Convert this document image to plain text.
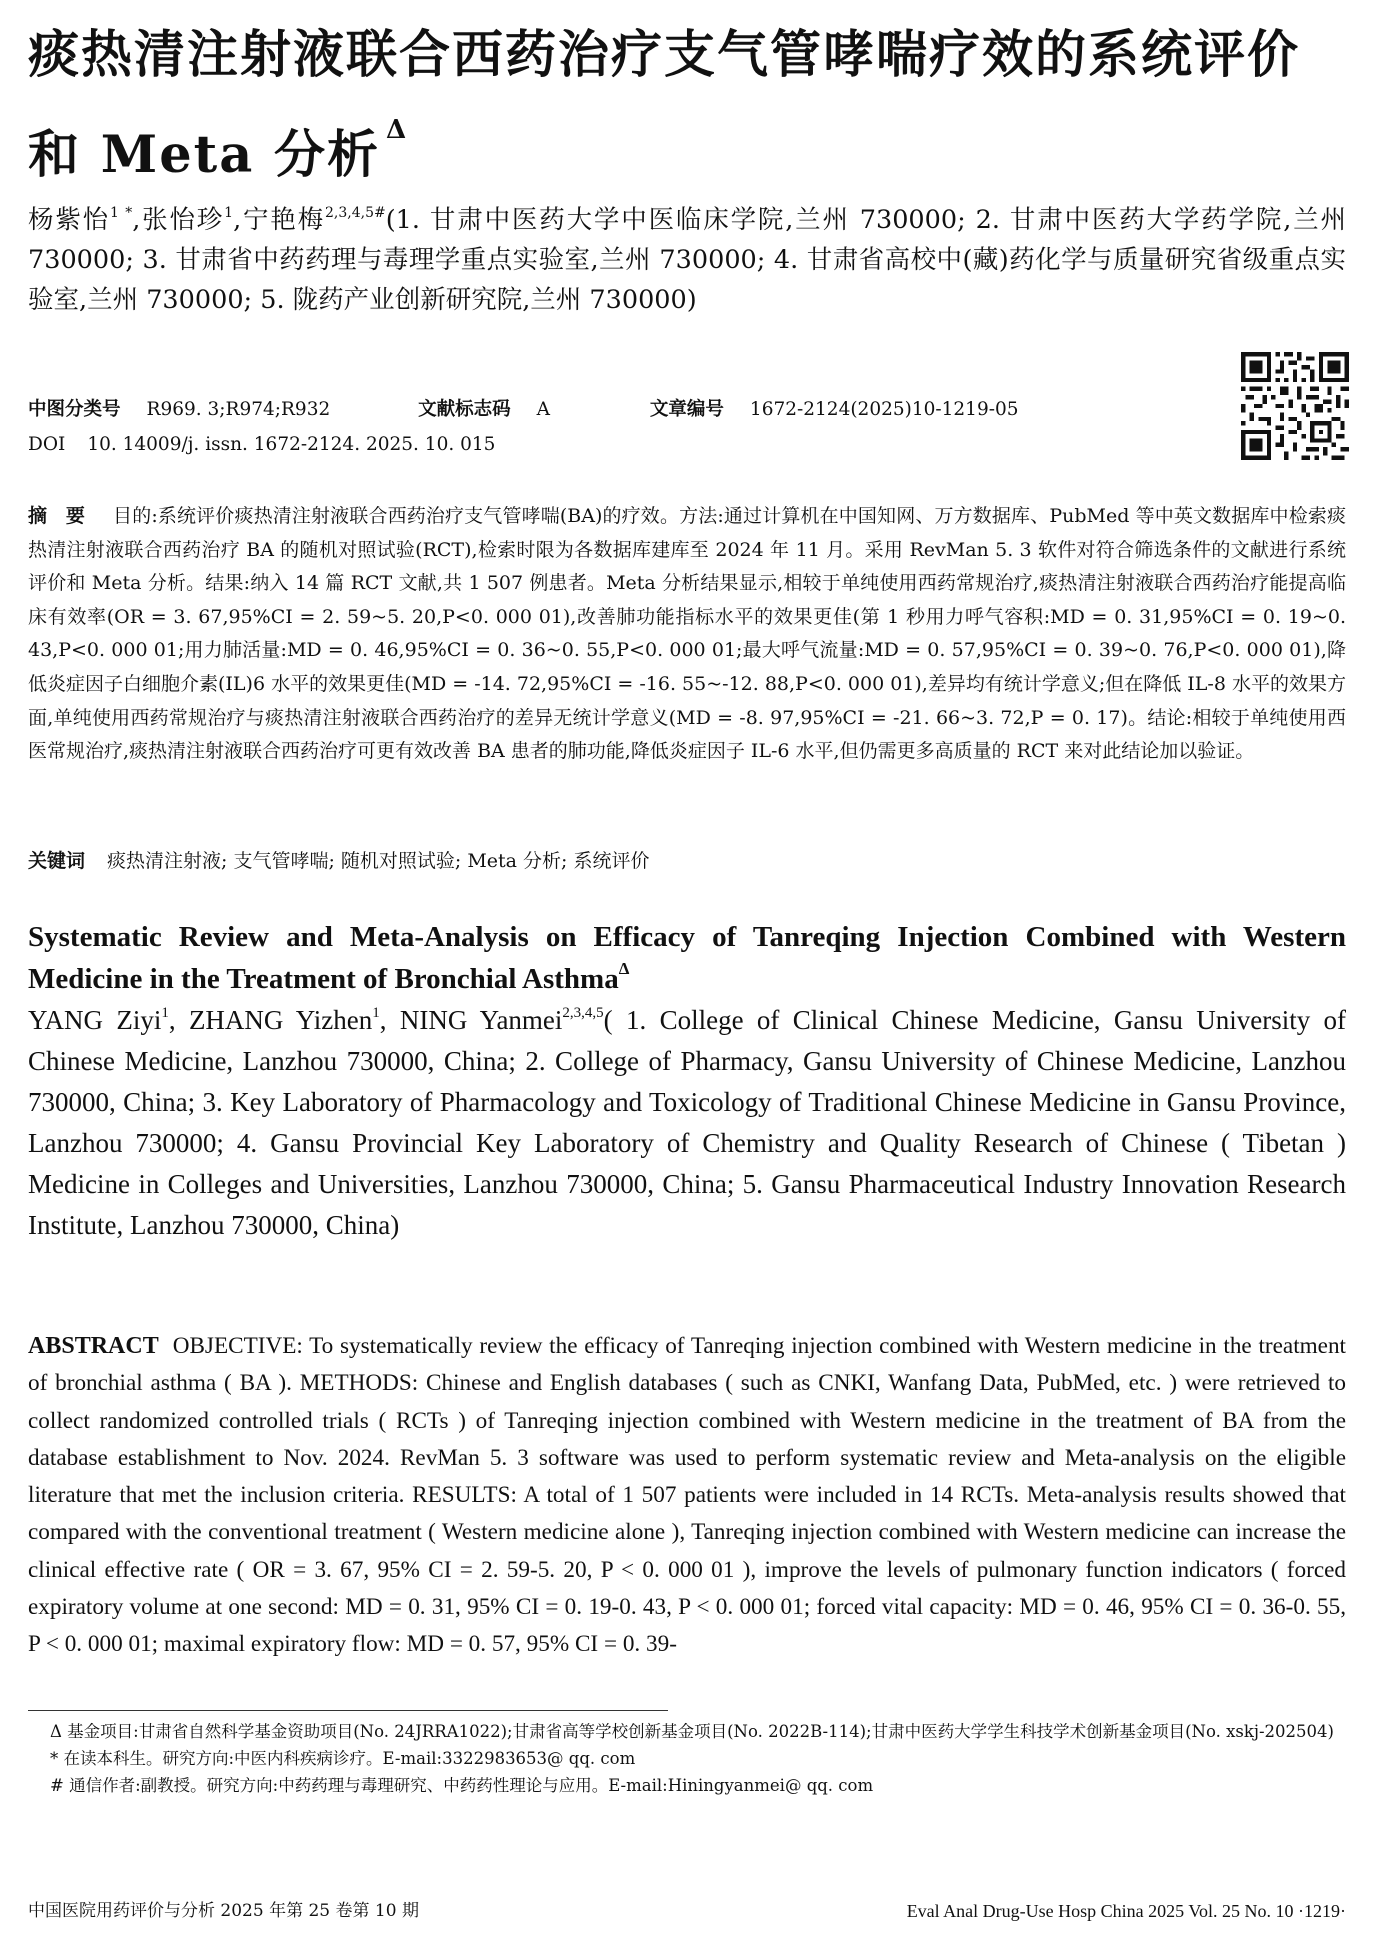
痰热清注射液联合西药治疗支气管哮喘疗效的系统评价和 Meta 分析 $^\Delta$
杨紫怡$^{1 *}$,张怡珍$^1$,宁艳梅$^{2,3,4,5\#}$(1. 甘肃中医药大学中医临床学院,兰州 730000; 2. 甘肃中医药大学药学院,兰州 730000; 3. 甘肃省中药药理与毒理学重点实验室,兰州 730000; 4. 甘肃省高校中(藏)药化学与质量研究省级重点实验室,兰州 730000; 5. 陇药产业创新研究院,兰州 730000)
中图分类号 R969. 3;R974;R932	文献标志码 A	文章编号 1672-2124(2025)10-1219-05
DOI 10. 14009/j. issn. 1672-2124. 2025. 10. 015
摘 要 目的:系统评价痰热清注射液联合西药治疗支气管哮喘(BA)的疗效。方法:通过计算机在中国知网、万方数据库、PubMed 等中英文数据库中检索痰热清注射液联合西药治疗 BA 的随机对照试验(RCT),检索时限为各数据库建库至 2024 年 11 月。采用 RevMan 5. 3 软件对符合筛选条件的文献进行系统评价和 Meta 分析。结果:纳入 14 篇 RCT 文献,共 1 507 例患者。Meta 分析结果显示,相较于单纯使用西药常规治疗,痰热清注射液联合西药治疗能提高临床有效率(OR = 3. 67,95%CI = 2. 59~5. 20,P<0. 000 01),改善肺功能指标水平的效果更佳(第 1 秒用力呼气容积:MD = 0. 31,95%CI = 0. 19~0. 43,P<0. 000 01;用力肺活量:MD = 0. 46,95%CI = 0. 36~0. 55,P<0. 000 01;最大呼气流量:MD = 0. 57,95%CI = 0. 39~0. 76,P<0. 000 01),降低炎症因子白细胞介素(IL)6 水平的效果更佳(MD = -14. 72,95%CI = -16. 55~-12. 88,P<0. 000 01),差异均有统计学意义;但在降低 IL-8 水平的效果方面,单纯使用西药常规治疗与痰热清注射液联合西药治疗的差异无统计学意义(MD = -8. 97,95%CI = -21. 66~3. 72,P = 0. 17)。结论:相较于单纯使用西医常规治疗,痰热清注射液联合西药治疗可更有效改善 BA 患者的肺功能,降低炎症因子 IL-6 水平,但仍需更多高质量的 RCT 来对此结论加以验证。
关键词 痰热清注射液; 支气管哮喘; 随机对照试验; Meta 分析; 系统评价
Systematic Review and Meta-Analysis on Efficacy of Tanreqing Injection Combined with Western Medicine in the Treatment of Bronchial Asthma$^\Delta$
YANG Ziyi$^1$, ZHANG Yizhen$^1$, NING Yanmei$^{2,3,4,5}$( 1. College of Clinical Chinese Medicine, Gansu University of Chinese Medicine, Lanzhou 730000, China; 2. College of Pharmacy, Gansu University of Chinese Medicine, Lanzhou 730000, China; 3. Key Laboratory of Pharmacology and Toxicology of Traditional Chinese Medicine in Gansu Province, Lanzhou 730000; 4. Gansu Provincial Key Laboratory of Chemistry and Quality Research of Chinese ( Tibetan ) Medicine in Colleges and Universities, Lanzhou 730000, China; 5. Gansu Pharmaceutical Industry Innovation Research Institute, Lanzhou 730000, China)
ABSTRACT OBJECTIVE: To systematically review the efficacy of Tanreqing injection combined with Western medicine in the treatment of bronchial asthma ( BA ). METHODS: Chinese and English databases ( such as CNKI, Wanfang Data, PubMed, etc. ) were retrieved to collect randomized controlled trials ( RCTs ) of Tanreqing injection combined with Western medicine in the treatment of BA from the database establishment to Nov. 2024. RevMan 5. 3 software was used to perform systematic review and Meta-analysis on the eligible literature that met the inclusion criteria. RESULTS: A total of 1 507 patients were included in 14 RCTs. Meta-analysis results showed that compared with the conventional treatment ( Western medicine alone ), Tanreqing injection combined with Western medicine can increase the clinical effective rate ( OR = 3. 67, 95% CI = 2. 59-5. 20, P < 0. 000 01 ), improve the levels of pulmonary function indicators ( forced expiratory volume at one second: MD = 0. 31, 95% CI = 0. 19-0. 43, P < 0. 000 01; forced vital capacity: MD = 0. 46, 95% CI = 0. 36-0. 55, P < 0. 000 01; maximal expiratory flow: MD = 0. 57, 95% CI = 0. 39-

Δ 基金项目:甘肃省自然科学基金资助项目(No. 24JRRA1022);甘肃省高等学校创新基金项目(No. 2022B-114);甘肃中医药大学学生科技学术创新基金项目(No. xskj-202504)

* 在读本科生。研究方向:中医内科疾病诊疗。E-mail:3322983653@ qq. com

# 通信作者:副教授。研究方向:中药药理与毒理研究、中药药性理论与应用。E-mail:Hiningyanmei@ qq. com

中国医院用药评价与分析 2025 年第 25 卷第 10 期	Eval Anal Drug-Use Hosp China 2025 Vol. 25 No. 10 ·1219·
